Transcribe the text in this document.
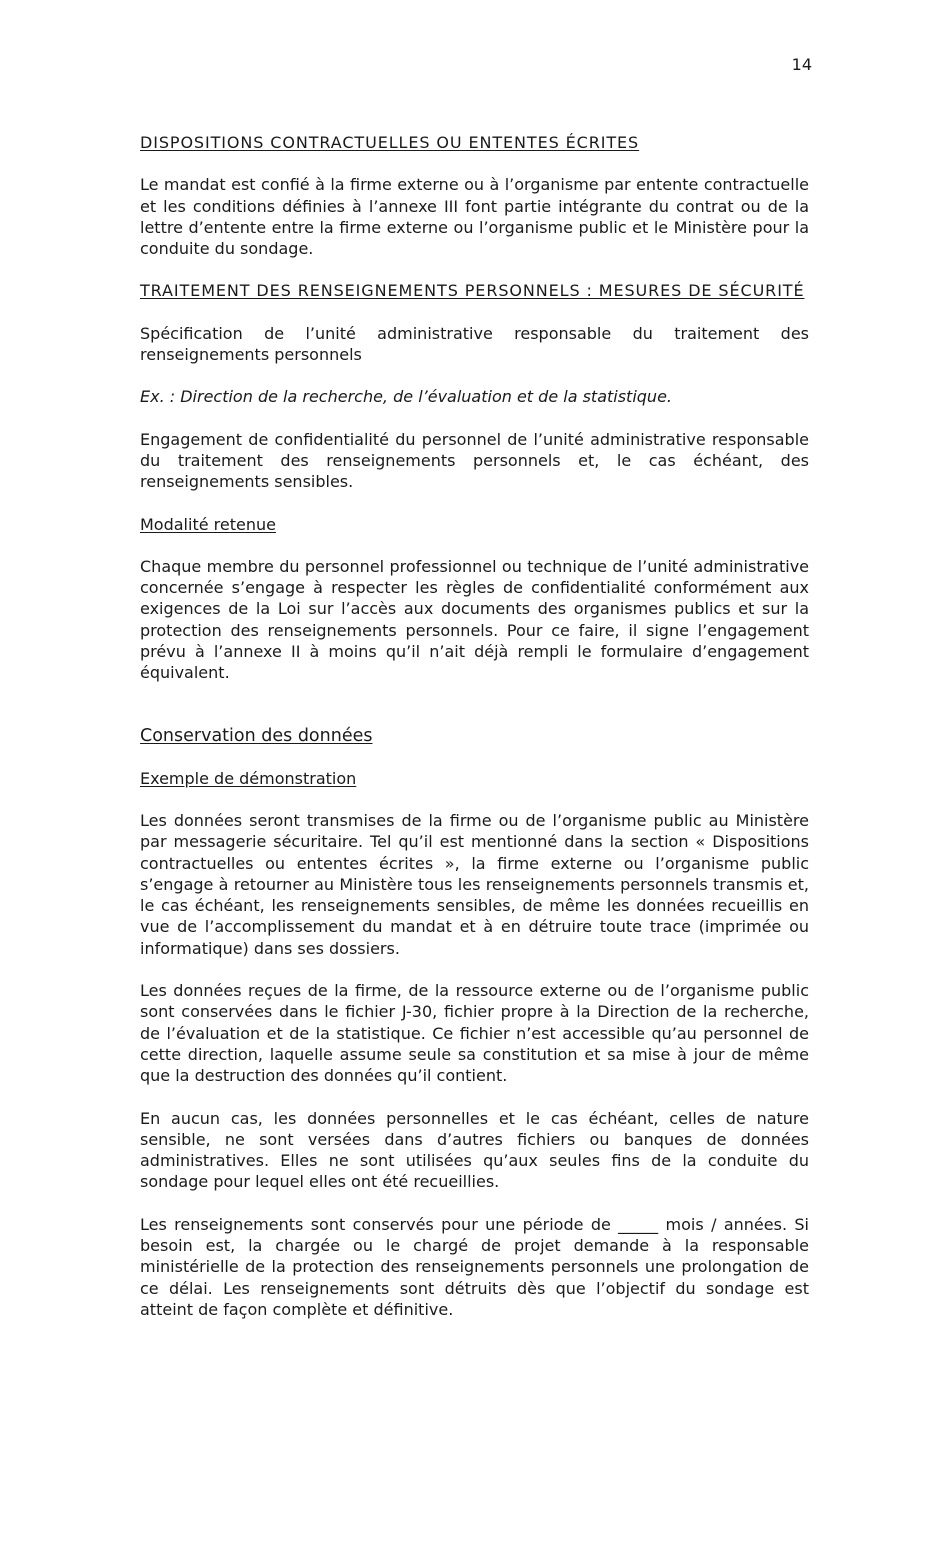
14

DISPOSITIONS CONTRACTUELLES OU ENTENTES ÉCRITES

Le mandat est confié à la firme externe ou à l’organisme par entente contractuelle et les conditions définies à l’annexe III font partie intégrante du contrat ou de la lettre d’entente entre la firme externe ou l’organisme public et le Ministère pour la conduite du sondage.

TRAITEMENT DES RENSEIGNEMENTS PERSONNELS : MESURES DE SÉCURITÉ

Spécification de l’unité administrative responsable du traitement des renseignements personnels

Ex. : Direction de la recherche, de l’évaluation et de la statistique.

Engagement de confidentialité du personnel de l’unité administrative responsable du traitement des renseignements personnels et, le cas échéant, des renseignements sensibles.

Modalité retenue

Chaque membre du personnel professionnel ou technique de l’unité administrative concernée s’engage à respecter les règles de confidentialité conformément aux exigences de la Loi sur l’accès aux documents des organismes publics et sur la protection des renseignements personnels. Pour ce faire, il signe l’engagement prévu à l’annexe II à moins qu’il n’ait déjà rempli le formulaire d’engagement équivalent.

Conservation des données

Exemple de démonstration

Les données seront transmises de la firme ou de l’organisme public au Ministère par messagerie sécuritaire. Tel qu’il est mentionné dans la section « Dispositions contractuelles ou ententes écrites », la firme externe ou l’organisme public s’engage à retourner au Ministère tous les renseignements personnels transmis et, le cas échéant, les renseignements sensibles, de même les données recueillis en vue de l’accomplissement du mandat et à en détruire toute trace (imprimée ou informatique) dans ses dossiers.

Les données reçues de la firme, de la ressource externe ou de l’organisme public sont conservées dans le fichier J-30, fichier propre à la Direction de la recherche, de l’évaluation et de la statistique. Ce fichier n’est accessible qu’au personnel de cette direction, laquelle assume seule sa constitution et sa mise à jour de même que la destruction des données qu’il contient.

En aucun cas, les données personnelles et le cas échéant, celles de nature sensible, ne sont versées dans d’autres fichiers ou banques de données administratives. Elles ne sont utilisées qu’aux seules fins de la conduite du sondage pour lequel elles ont été recueillies.

Les renseignements sont conservés pour une période de _____ mois / années. Si besoin est, la chargée ou le chargé de projet demande à la responsable ministérielle de la protection des renseignements personnels une prolongation de ce délai. Les renseignements sont détruits dès que l’objectif du sondage est atteint de façon complète et définitive.
